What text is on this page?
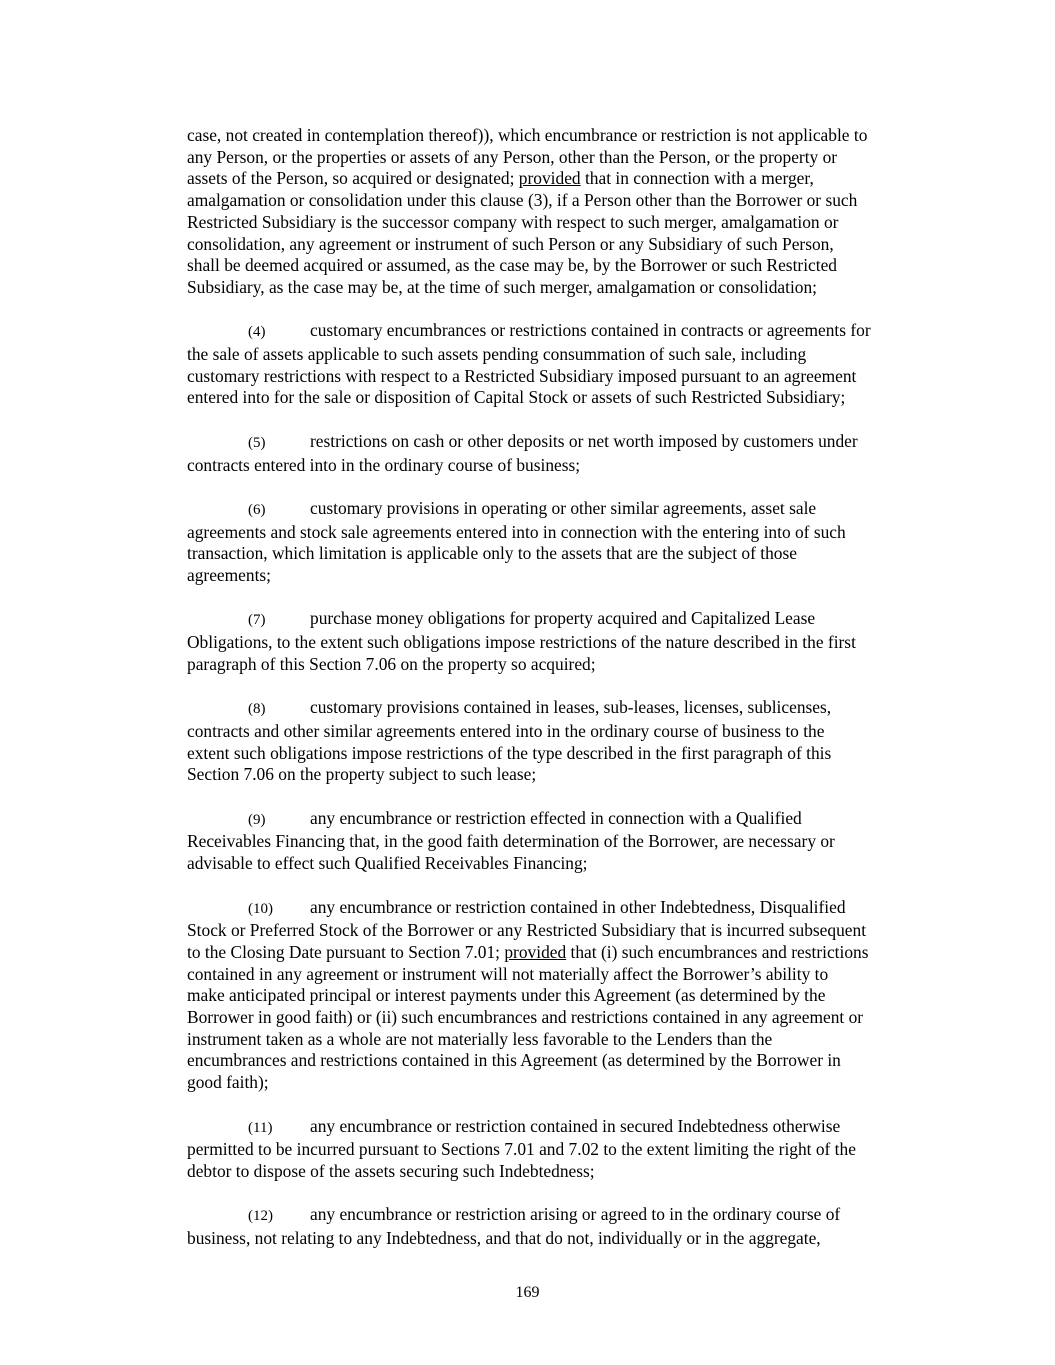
case, not created in contemplation thereof)), which encumbrance or restriction is not applicable to
any Person, or the properties or assets of any Person, other than the Person, or the property or
assets of the Person, so acquired or designated; provided that in connection with a merger,
amalgamation or consolidation under this clause (3), if a Person other than the Borrower or such
Restricted Subsidiary is the successor company with respect to such merger, amalgamation or
consolidation, any agreement or instrument of such Person or any Subsidiary of such Person,
shall be deemed acquired or assumed, as the case may be, by the Borrower or such Restricted
Subsidiary, as the case may be, at the time of such merger, amalgamation or consolidation;
(4)	customary encumbrances or restrictions contained in contracts or agreements for
the sale of assets applicable to such assets pending consummation of such sale, including
customary restrictions with respect to a Restricted Subsidiary imposed pursuant to an agreement
entered into for the sale or disposition of Capital Stock or assets of such Restricted Subsidiary;
(5)	restrictions on cash or other deposits or net worth imposed by customers under
contracts entered into in the ordinary course of business;
(6)	customary provisions in operating or other similar agreements, asset sale
agreements and stock sale agreements entered into in connection with the entering into of such
transaction, which limitation is applicable only to the assets that are the subject of those
agreements;
(7)	purchase money obligations for property acquired and Capitalized Lease
Obligations, to the extent such obligations impose restrictions of the nature described in the first
paragraph of this Section 7.06 on the property so acquired;
(8)	customary provisions contained in leases, sub-leases, licenses, sublicenses,
contracts and other similar agreements entered into in the ordinary course of business to the
extent such obligations impose restrictions of the type described in the first paragraph of this
Section 7.06 on the property subject to such lease;
(9)	any encumbrance or restriction effected in connection with a Qualified
Receivables Financing that, in the good faith determination of the Borrower, are necessary or
advisable to effect such Qualified Receivables Financing;
(10) any encumbrance or restriction contained in other Indebtedness, Disqualified
Stock or Preferred Stock of the Borrower or any Restricted Subsidiary that is incurred subsequent
to the Closing Date pursuant to Section 7.01; provided that (i) such encumbrances and restrictions
contained in any agreement or instrument will not materially affect the Borrower’s ability to
make anticipated principal or interest payments under this Agreement (as determined by the
Borrower in good faith) or (ii) such encumbrances and restrictions contained in any agreement or
instrument taken as a whole are not materially less favorable to the Lenders than the
encumbrances and restrictions contained in this Agreement (as determined by the Borrower in
good faith);
(11) any encumbrance or restriction contained in secured Indebtedness otherwise
permitted to be incurred pursuant to Sections 7.01 and 7.02 to the extent limiting the right of the
debtor to dispose of the assets securing such Indebtedness;
(12) any encumbrance or restriction arising or agreed to in the ordinary course of
business, not relating to any Indebtedness, and that do not, individually or in the aggregate,
169
